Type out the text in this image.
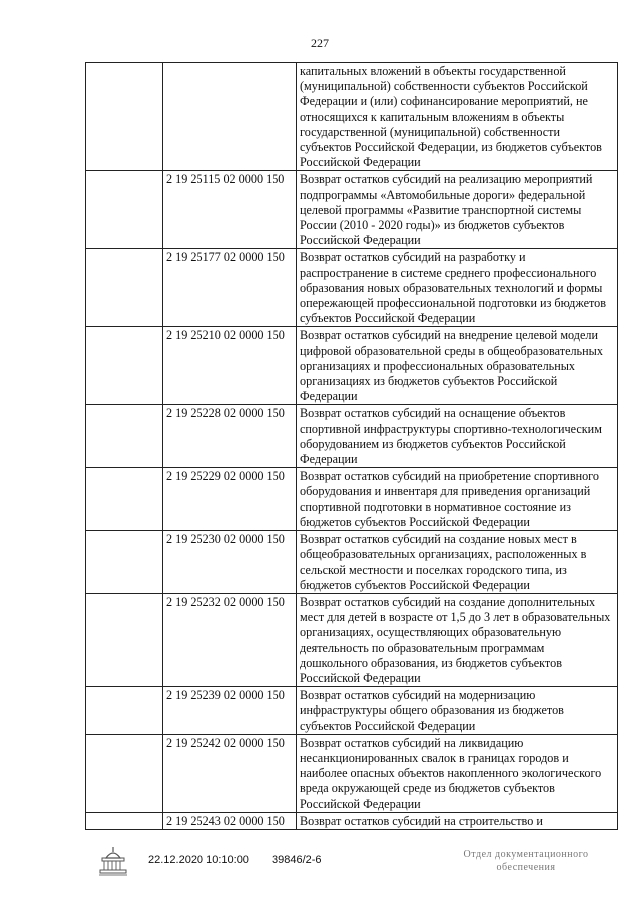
227
		капитальных вложений в объекты государственной (муниципальной) собственности субъектов Российской Федерации и (или) софинансирование мероприятий, не относящихся к капитальным вложениям в объекты государственной (муниципальной) собственности субъектов Российской Федерации, из бюджетов субъектов Российской Федерации
	2 19 25115 02 0000 150	Возврат остатков субсидий на реализацию мероприятий подпрограммы «Автомобильные дороги» федеральной целевой программы «Развитие транспортной системы России (2010 - 2020 годы)» из бюджетов субъектов Российской Федерации
	2 19 25177 02 0000 150	Возврат остатков субсидий на разработку и распространение в системе среднего профессионального образования новых образовательных технологий и формы опережающей профессиональной подготовки из бюджетов субъектов Российской Федерации
	2 19 25210 02 0000 150	Возврат остатков субсидий на внедрение целевой модели цифровой образовательной среды в общеобразовательных организациях и профессиональных образовательных организациях из бюджетов субъектов Российской Федерации
	2 19 25228 02 0000 150	Возврат остатков субсидий на оснащение объектов спортивной инфраструктуры спортивно-технологическим оборудованием из бюджетов субъектов Российской Федерации
	2 19 25229 02 0000 150	Возврат остатков субсидий на приобретение спортивного оборудования и инвентаря для приведения организаций спортивной подготовки в нормативное состояние из бюджетов субъектов Российской Федерации
	2 19 25230 02 0000 150	Возврат остатков субсидий на создание новых мест в общеобразовательных организациях, расположенных в сельской местности и поселках городского типа, из бюджетов субъектов Российской Федерации
	2 19 25232 02 0000 150	Возврат остатков субсидий на создание дополнительных мест для детей в возрасте от 1,5 до 3 лет в образовательных организациях, осуществляющих образовательную деятельность по образовательным программам дошкольного образования, из бюджетов субъектов Российской Федерации
	2 19 25239 02 0000 150	Возврат остатков субсидий на модернизацию инфраструктуры общего образования из бюджетов субъектов Российской Федерации
	2 19 25242 02 0000 150	Возврат остатков субсидий на ликвидацию несанкционированных свалок в границах городов и наиболее опасных объектов накопленного экологического вреда окружающей среде из бюджетов субъектов Российской Федерации
	2 19 25243 02 0000 150	Возврат остатков субсидий на строительство и
22.12.2020 10:10:00 39846/2-6	Отдел документационного
обеспечения
